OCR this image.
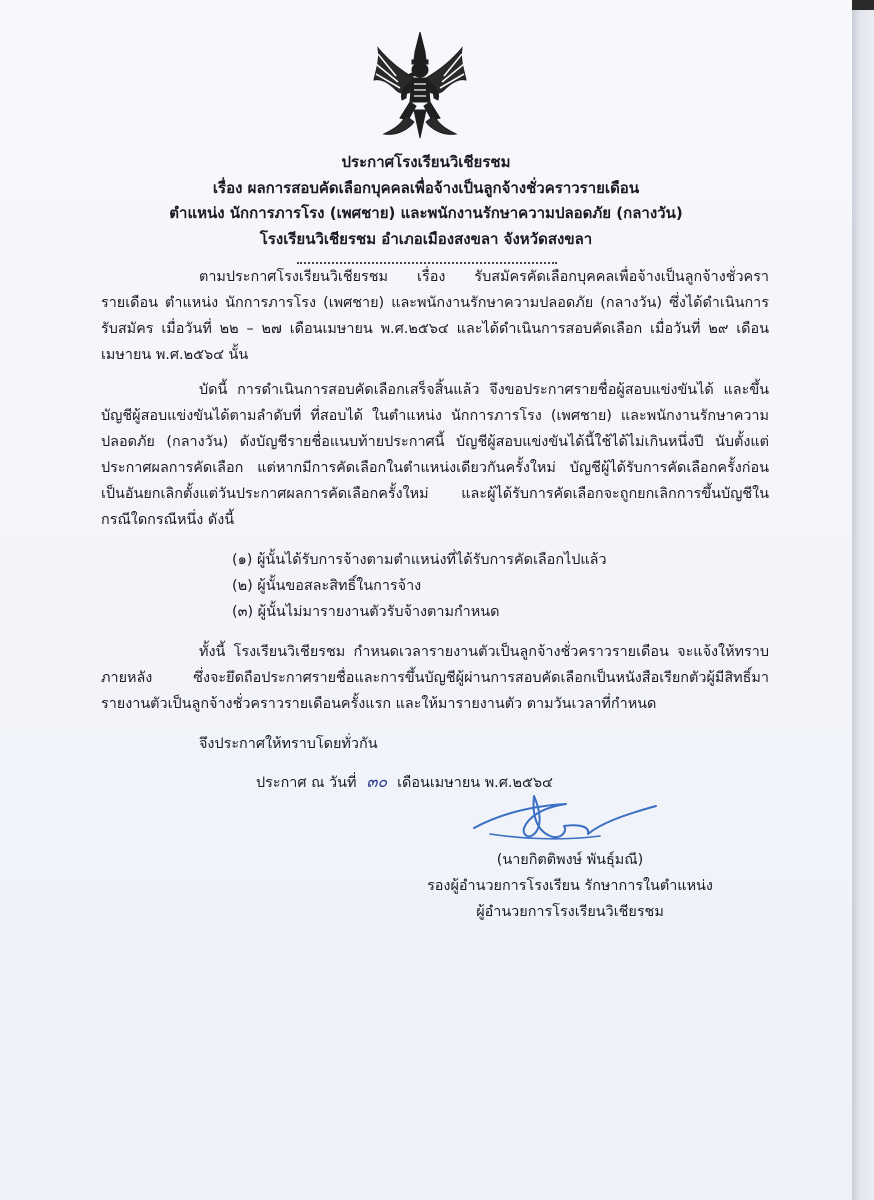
ประกาศโรงเรียนวิเชียรชม
เรื่อง ผลการสอบคัดเลือกบุคคลเพื่อจ้างเป็นลูกจ้างชั่วคราวรายเดือน
ตำแหน่ง นักการภารโรง (เพศชาย) และพนักงานรักษาความปลอดภัย (กลางวัน)
โรงเรียนวิเชียรชม อำเภอเมืองสงขลา จังหวัดสงขลา
ตามประกาศโรงเรียนวิเชียรชม เรื่อง รับสมัครคัดเลือกบุคคลเพื่อจ้างเป็นลูกจ้างชั่วครา
รายเดือน ตำแหน่ง นักการภารโรง (เพศชาย) และพนักงานรักษาความปลอดภัย (กลางวัน) ซึ่งได้ดำเนินการ
รับสมัคร เมื่อวันที่ ๒๒ – ๒๗ เดือนเมษายน พ.ศ.๒๕๖๔ และได้ดำเนินการสอบคัดเลือก เมื่อวันที่ ๒๙ เดือน
เมษายน พ.ศ.๒๕๖๔ นั้น
บัดนี้ การดำเนินการสอบคัดเลือกเสร็จสิ้นแล้ว จึงขอประกาศรายชื่อผู้สอบแข่งขันได้ และขึ้น
บัญชีผู้สอบแข่งขันได้ตามลำดับที่ ที่สอบได้ ในตำแหน่ง นักการภารโรง (เพศชาย) และพนักงานรักษาความ
ปลอดภัย (กลางวัน) ดังบัญชีรายชื่อแนบท้ายประกาศนี้ บัญชีผู้สอบแข่งขันได้นี้ใช้ได้ไม่เกินหนึ่งปี นับตั้งแต่
ประกาศผลการคัดเลือก แต่หากมีการคัดเลือกในตำแหน่งเดียวกันครั้งใหม่ บัญชีผู้ได้รับการคัดเลือกครั้งก่อน
เป็นอันยกเลิกตั้งแต่วันประกาศผลการคัดเลือกครั้งใหม่ และผู้ได้รับการคัดเลือกจะถูกยกเลิกการขึ้นบัญชีใน
กรณีใดกรณีหนึ่ง ดังนี้
(๑) ผู้นั้นได้รับการจ้างตามตำแหน่งที่ได้รับการคัดเลือกไปแล้ว
(๒) ผู้นั้นขอสละสิทธิ์ในการจ้าง
(๓) ผู้นั้นไม่มารายงานตัวรับจ้างตามกำหนด
ทั้งนี้ โรงเรียนวิเชียรชม กำหนดเวลารายงานตัวเป็นลูกจ้างชั่วคราวรายเดือน จะแจ้งให้ทราบ
ภายหลัง ซึ่งจะยึดถือประกาศรายชื่อและการขึ้นบัญชีผู้ผ่านการสอบคัดเลือกเป็นหนังสือเรียกตัวผู้มีสิทธิ์มา
รายงานตัวเป็นลูกจ้างชั่วคราวรายเดือนครั้งแรก และให้มารายงานตัว ตามวันเวลาที่กำหนด
จึงประกาศให้ทราบโดยทั่วกัน
ประกาศ ณ วันที่ ๓๐ เดือนเมษายน พ.ศ.๒๕๖๔
(นายกิตติพงษ์ พันธุ์มณี)
รองผู้อำนวยการโรงเรียน รักษาการในตำแหน่ง
ผู้อำนวยการโรงเรียนวิเชียรชม
